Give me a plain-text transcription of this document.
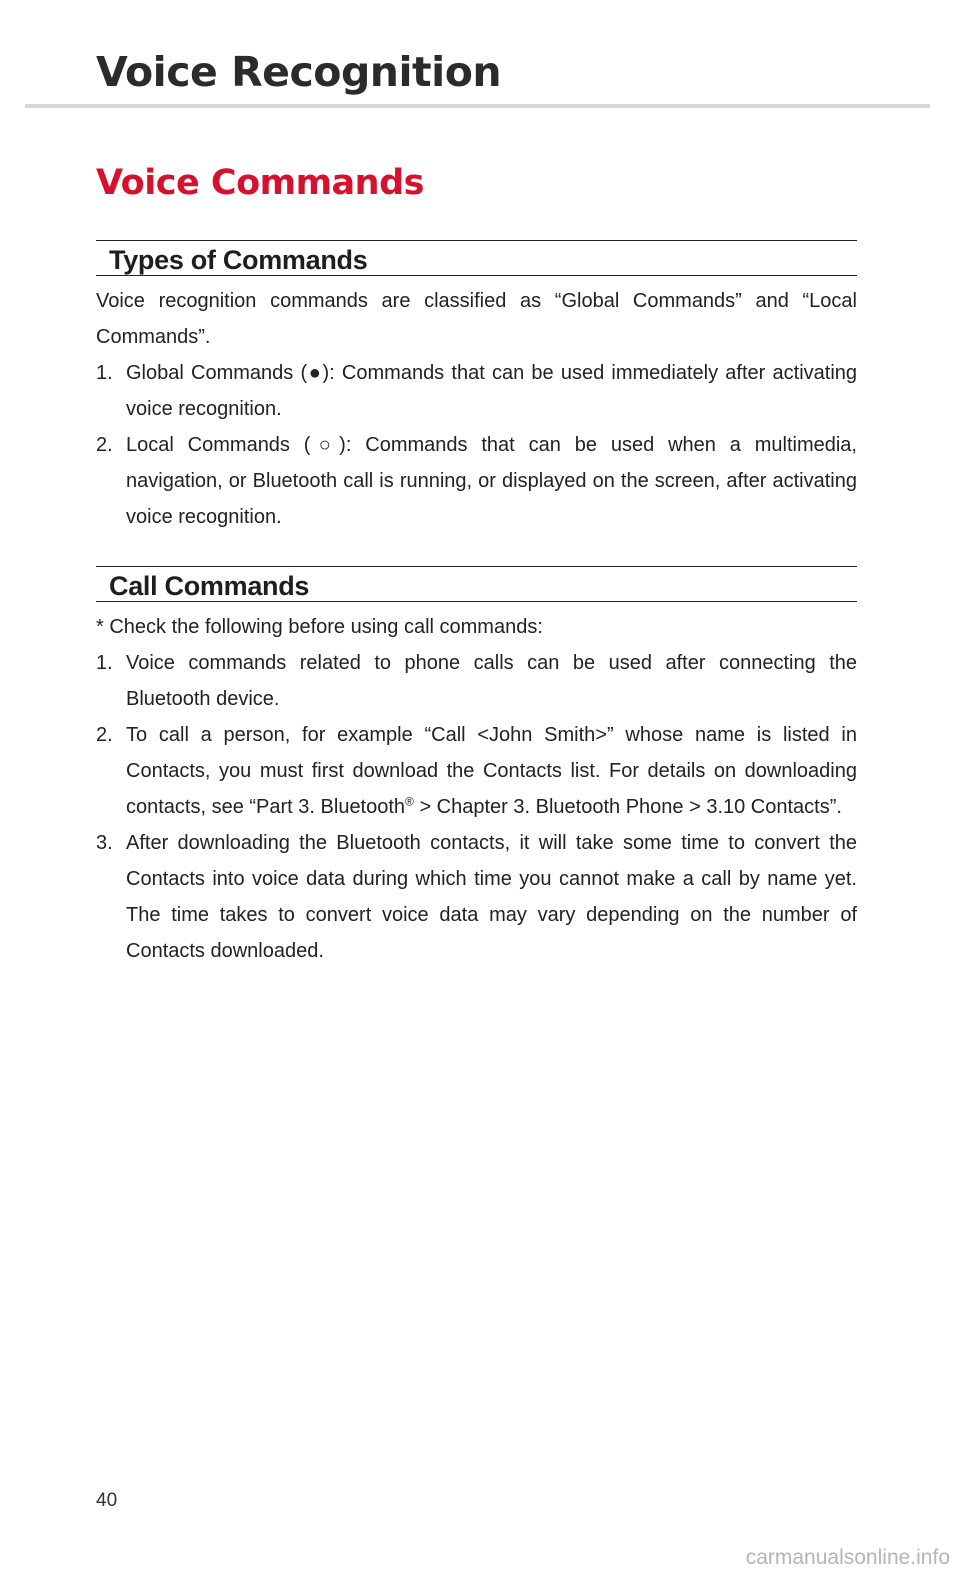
Voice Recognition
Voice Commands
Types of Commands

Voice recognition commands are classified as “Global Commands” and “Local Commands”.

1. Global Commands (●): Commands that can be used immediately after activating voice recognition.
2. Local Commands (○): Commands that can be used when a multimedia, navigation, or Bluetooth call is running, or displayed on the screen, after activating voice recognition.
Call Commands

* Check the following before using call commands:

1. Voice commands related to phone calls can be used after connecting the Bluetooth device.
2. To call a person, for example “Call <John Smith>” whose name is listed in Contacts, you must first download the Contacts list. For details on downloading contacts, see “Part 3. Bluetooth® > Chapter 3. Bluetooth Phone > 3.10 Contacts”.
3. After downloading the Bluetooth contacts, it will take some time to convert the Contacts into voice data during which time you cannot make a call by name yet. The time takes to convert voice data may vary depending on the number of Contacts downloaded.
40
carmanualsonline.info
